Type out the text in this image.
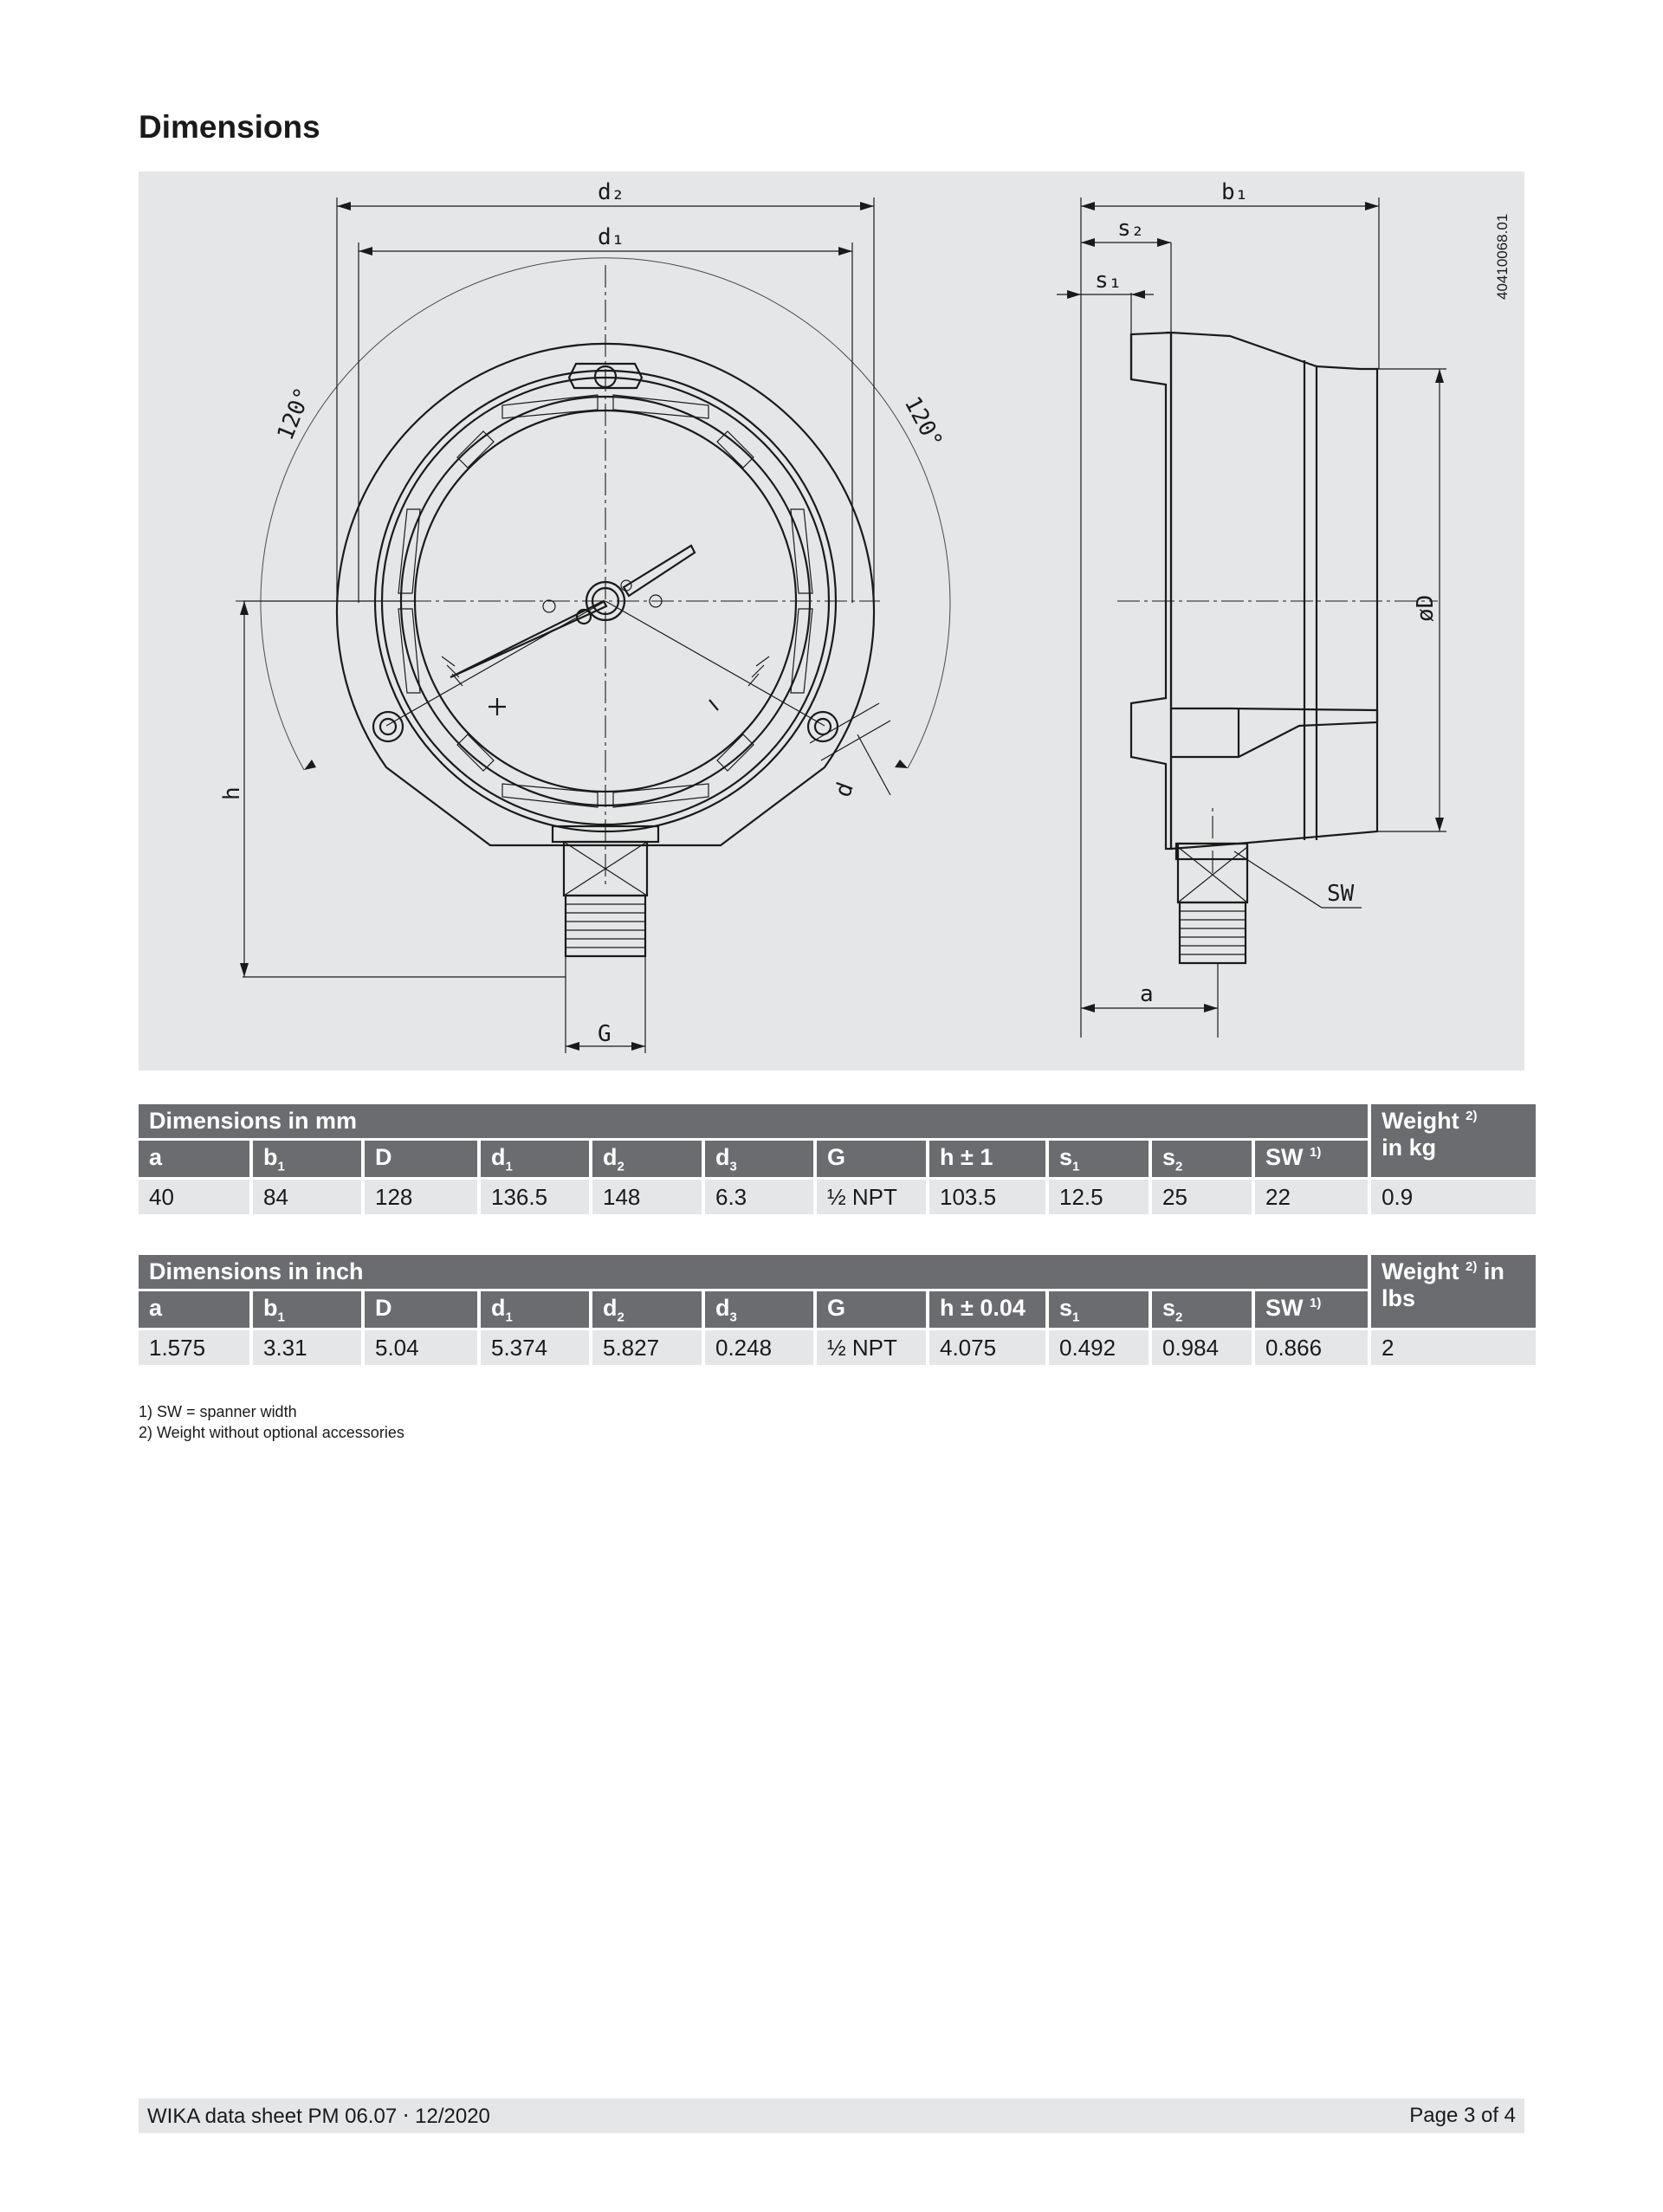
Dimensions
d₂
d₁
120°	120°
h
G
d
b₁
s₂
s₁
øD
SW
a
40410068.01
Dimensions in mm											Weight $^{2)}$
in kg
a	$b_1$	D	$d_1$	$d_2$	$d_3$	G	h ± 1	$s_1$	$s_2$	SW $^{1)}$
40	84	128	136.5	148	6.3	½ NPT	103.5	12.5	25	22	0.9
Dimensions in inch											Weight $^{2)}$ in
lbs
a	$b_1$	D	$d_1$	$d_2$	$d_3$	G	h ± 0.04	$s_1$	$s_2$	SW $^{1)}$
1.575	3.31	5.04	5.374	5.827	0.248	½ NPT	4.075	0.492	0.984	0.866	2
1) SW = spanner width
2) Weight without optional accessories
WIKA data sheet PM 06.07 ⋅ 12/2020	Page 3 of 4
